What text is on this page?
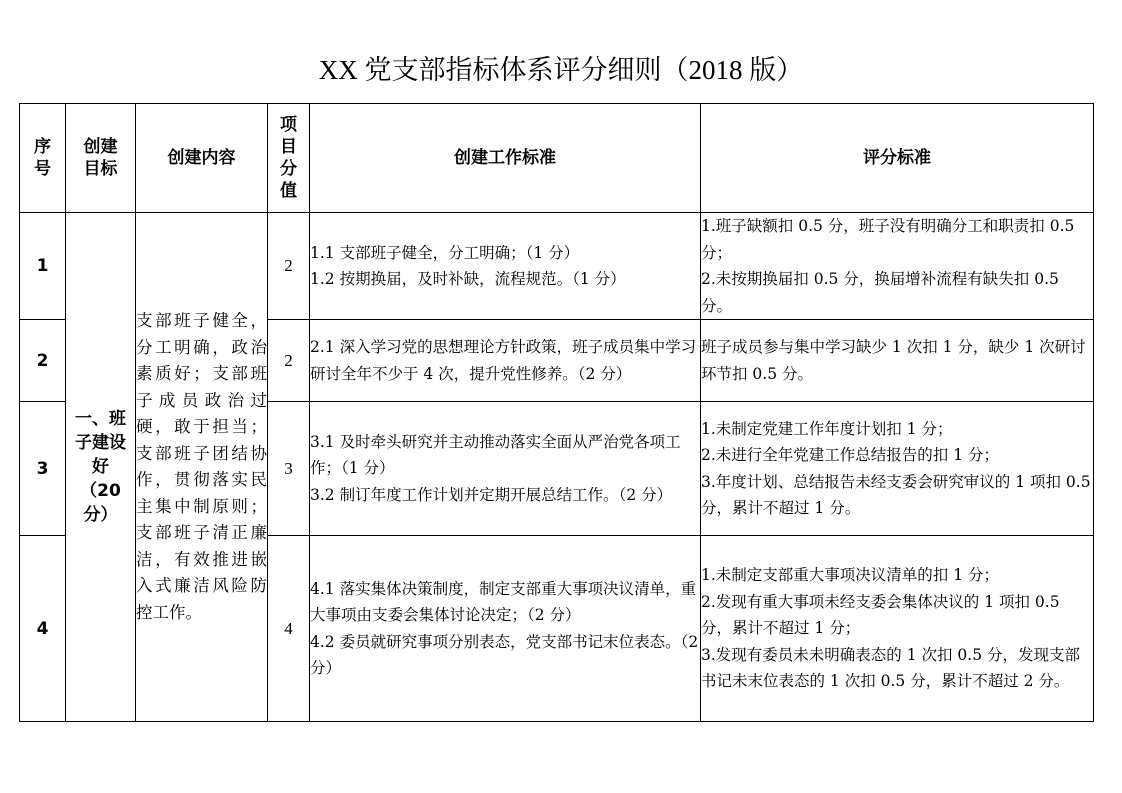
XX 党支部指标体系评分细则（2018 版）
序号	创建目标	创建内容	项目分值	创建工作标准	评分标准
1	一、班子建设好（20分）	支部班子健全，分工明确，政治素质好；支部班子成员政治过硬，敢于担当；支部班子团结协作，贯彻落实民主集中制原则；支部班子清正廉洁，有效推进嵌入式廉洁风险防控工作。	2	1.1 支部班子健全，分工明确；（1 分）
1.2 按期换届，及时补缺，流程规范。（1 分）	1.班子缺额扣 0.5 分，班子没有明确分工和职责扣 0.5 分；
2.未按期换届扣 0.5 分，换届增补流程有缺失扣 0.5 分。

2			2	2.1 深入学习党的思想理论方针政策，班子成员集中学习研讨全年不少于 4 次，提升党性修养。（2 分）	班子成员参与集中学习缺少 1 次扣 1 分，缺少 1 次研讨环节扣 0.5 分。

3			3	3.1 及时牵头研究并主动推动落实全面从严治党各项工作；（1 分）
3.2 制订年度工作计划并定期开展总结工作。（2 分）	1.未制定党建工作年度计划扣 1 分；
2.未进行全年党建工作总结报告的扣 1 分；
3.年度计划、总结报告未经支委会研究审议的 1 项扣 0.5 分，累计不超过 1 分。

4			4	4.1 落实集体决策制度，制定支部重大事项决议清单，重大事项由支委会集体讨论决定；（2 分）
4.2 委员就研究事项分别表态，党支部书记末位表态。（2 分）	1.未制定支部重大事项决议清单的扣 1 分；
2.发现有重大事项未经支委会集体决议的 1 项扣 0.5 分，累计不超过 1 分；
3.发现有委员未未明确表态的 1 次扣 0.5 分，发现支部书记未末位表态的 1 次扣 0.5 分，累计不超过 2 分。
